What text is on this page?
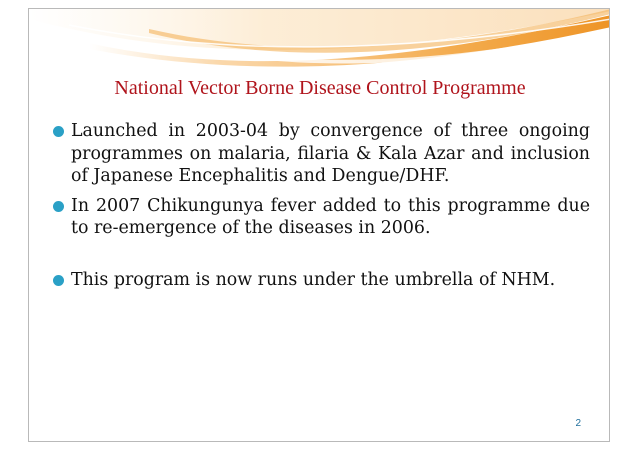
National Vector Borne Disease Control Programme
Launched in 2003-04 by convergence of three ongoing programmes on malaria, filaria & Kala Azar and inclusion of Japanese Encephalitis and Dengue/DHF.
In 2007 Chikungunya fever added to this programme due to re-emergence of the diseases in 2006.
This program is now runs under the umbrella of NHM.
2
